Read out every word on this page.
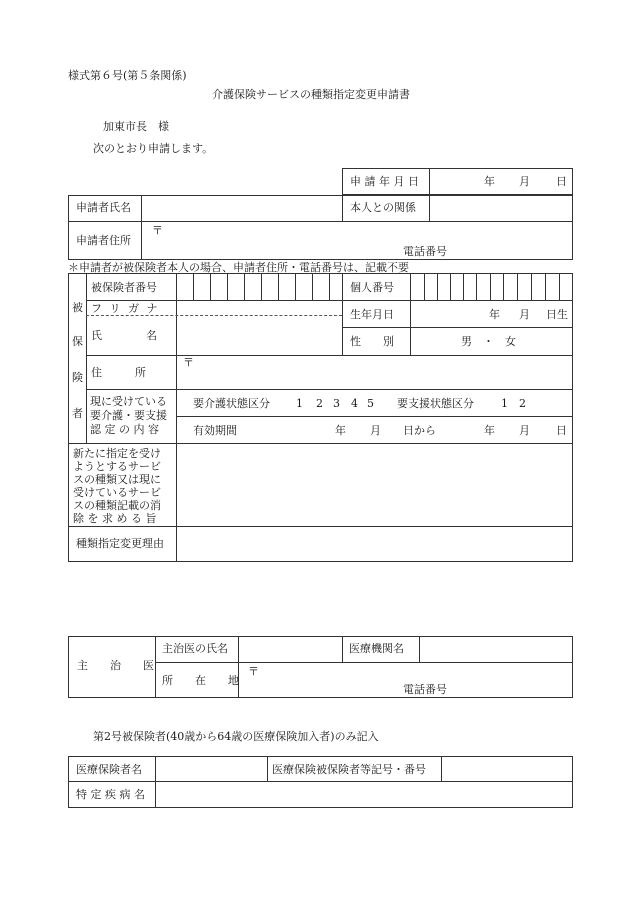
様式第６号(第５条関係)
介護保険サービスの種類指定変更申請書
加東市長　様
次のとおり申請します。
申 請 年 月 日	年 月 日
申請者氏名	本人との関係
申請者住所
〒
電話番号
＊申請者が被保険者本人の場合、申請者住所・電話番号は、記載不要
被
保
険
者
被保険者番号	個人番号
フ リ ガ ナ
氏　　　　名
生年月日	年 月 日生
性　　別	男　・　女
住　　　所
〒
現に受けている
要介護・要支援
認 定 の 内 容
要介護状態区分 1 2 3 4 5 要支援状態区分 1 2
有効期間	年 月 日から	年 月 日
新たに指定を受け
ようとするサービ
スの種類又は現に
受けているサービ
スの種類記載の消
除 を 求 め る 旨
種類指定変更理由
主　　治　　医
主治医の氏名	医療機関名
所　　在　　地
〒
電話番号
第2号被保険者(40歳から64歳の医療保険加入者)のみ記入
医療保険者名	医療保険被保険者等記号・番号
特 定 疾 病 名
